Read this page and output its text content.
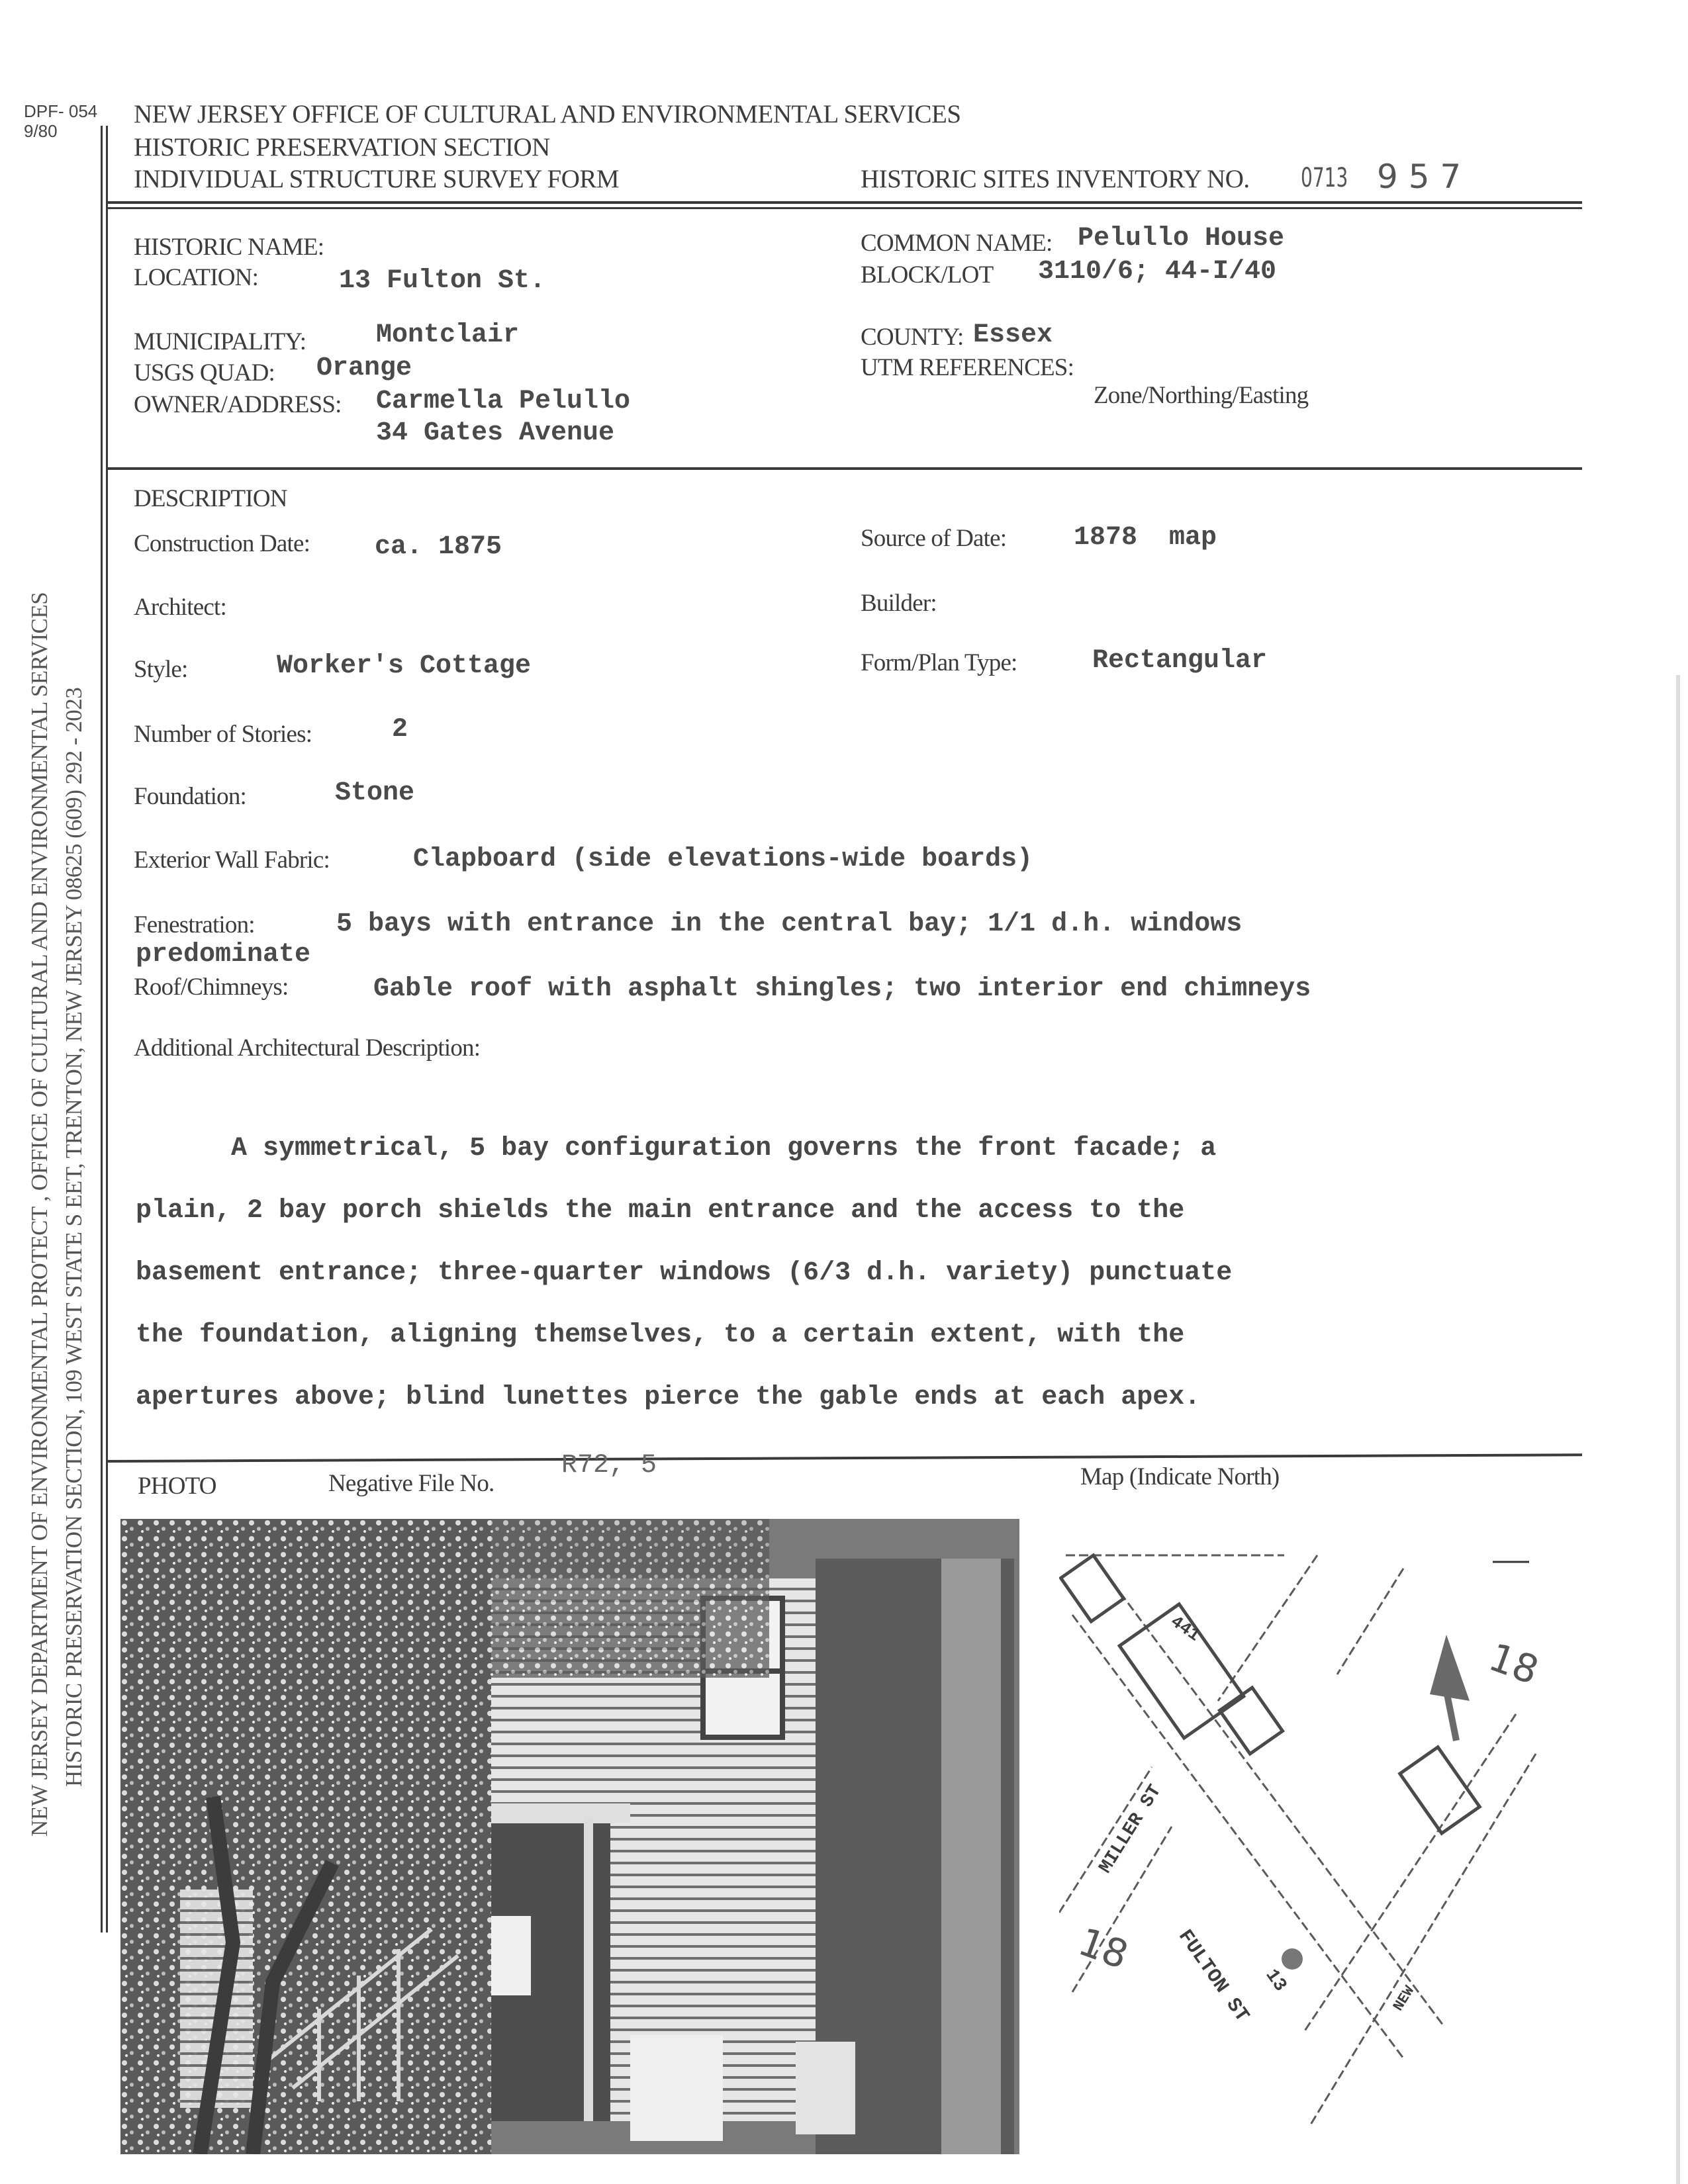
DPF- 054
9/80
NEW JERSEY OFFICE OF CULTURAL AND ENVIRONMENTAL SERVICES
HISTORIC PRESERVATION SECTION
INDIVIDUAL STRUCTURE SURVEY FORM	HISTORIC SITES INVENTORY NO. 0713 9 5 7
NEW JERSEY DEPARTMENT OF ENVIRONMENTAL PROTECT , OFFICE OF CULTURAL AND ENVIRONMENTAL SERVICES HISTORIC PRESERVATION SECTION, 109 WEST STATE S EET, TRENTON, NEW JERSEY 08625 (609) 292 - 2023
HISTORIC NAME:
LOCATION:	13 Fulton St.
MUNICIPALITY:	Montclair
USGS QUAD: Orange
OWNER/ADDRESS: Carmella Pelullo
34 Gates Avenue
COMMON NAME: Pelullo House
BLOCK/LOT 3110/6; 44-I/40
COUNTY: Essex
UTM REFERENCES:
Zone/Northing/Easting
DESCRIPTION
Construction Date: ca. 1875	Source of Date:	1878  map
Architect:	Builder:
Style:	Worker's Cottage	Form/Plan Type:	Rectangular
Number of Stories:	2
Foundation:	Stone
Exterior Wall Fabric:	Clapboard (side elevations-wide boards)
Fenestration:	5 bays with entrance in the central bay; 1/1 d.h. windows
predominate
Roof/Chimneys:	Gable roof with asphalt shingles; two interior end chimneys
Additional Architectural Description:

A symmetrical, 5 bay configuration governs the front facade; a

plain, 2 bay porch shields the main entrance and the access to the

basement entrance; three-quarter windows (6/3 d.h. variety) punctuate

the foundation, aligning themselves, to a certain extent, with the

apertures above; blind lunettes pierce the gable ends at each apex.

PHOTO	Negative File No.
R72, 5	Map (Indicate North)
MILLER ST
FULTON ST 13
441
NEW
18
18
